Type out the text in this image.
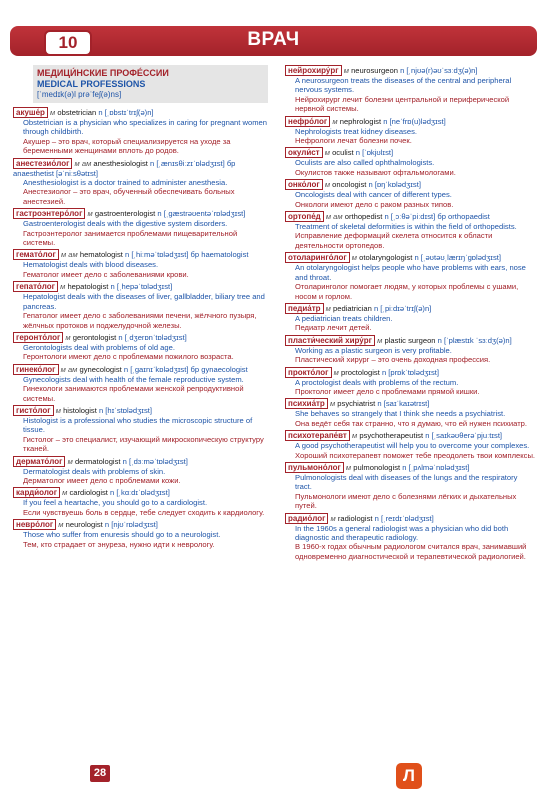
10	ВРАЧ
МЕДИЦИ́НСКИЕ ПРОФЕ́ССИИ
MEDICAL PROFESSIONS
[ˈmedɪk(ə)l prəˈfeʃ(ə)ns]
акуше́р м obstetrician n [ˌɒbstɪˈtrɪʃ(ə)n]
Obstetrician is a physician who specializes in caring for pregnant women through childbirth.
Акушер – это врач, который специализируется на уходе за беременными женщинами вплоть до родов.
анестезио́лог м ам anesthesiologist n [ˌænɪsθiːzɪˈɒlədʒɪst] бр anaesthetist [əˈniːsθətɪst]
Anesthesiologist is a doctor trained to administer anesthesia.
Анестезиолог – это врач, обученный обеспечивать больных анестезией.
гастроэнтеро́лог м gastroenterologist n [ˌgæstrəʊentəˈrɒlədʒɪst]
Gastroenterologist deals with the digestive system disorders.
Гастроэнтеролог занимается проблемами пищеварительной системы.
гемато́лог м ам hematologist n [ˌhiːməˈtɒlədʒɪst] бр haematologist
Hematologist deals with blood diseases.
Гематолог имеет дело с заболеваниями крови.
гепато́лог м hepatologist n [ˌhepəˈtɒlədʒɪst]
Hepatologist deals with the diseases of liver, gallbladder, biliary tree and pancreas.
Гепатолог имеет дело с заболеваниями печени, жёлчного пузыря, жёлчных протоков и поджелудочной железы.
геронто́лог м gerontologist n [ˌdʒerɒnˈtɒlədʒɪst]
Gerontologists deal with problems of old age.
Геронтологи имеют дело с проблемами пожилого возраста.
гинеко́лог м ам gynecologist n [ˌgaɪnɪˈkɒlədʒɪst] бр gynaecologist
Gynecologists deal with health of the female reproductive system.
Гинекологи занимаются проблемами женской репродуктивной системы.
гисто́лог м histologist n [hɪˈstɒlədʒɪst]
Histologist is a professional who studies the microscopic structure of tissue.
Гистолог – это специалист, изучающий микроскопическую структуру тканей.
дермато́лог м dermatologist n [ˌdɜːməˈtɒlədʒɪst]
Dermatologist deals with problems of skin.
Дерматолог имеет дело с проблемами кожи.
карди́олог м cardiologist n [ˌkɑːdɪˈɒlədʒɪst]
If you feel a heartache, you should go to a cardiologist.
Если чувствуешь боль в сердце, тебе следует сходить к кардиологу.
невро́лог м neurologist n [njʊˈrɒlədʒɪst]
Those who suffer from enuresis should go to a neurologist.
Тем, кто страдает от энуреза, нужно идти к неврологу.
нейрохиру́рг м neurosurgeon n [ˌnjʊə(r)əʊˈsɜːdʒ(ə)n]
A neurosurgeon treats the diseases of the central and peripheral nervous systems.
Нейрохирург лечит болезни центральной и периферической нервной системы.
нефро́лог м nephrologist n [neˈfrɒ(u)lədʒɪst]
Nephrologists treat kidney diseases.
Нефрологи лечат болезни почек.
окули́ст м oculist n [ˈɒkjʊlɪst]
Oculists are also called ophthalmologists.
Окулистов также называют офтальмологами.
онко́лог м oncologist n [ɒŋˈkɒlədʒɪst]
Oncologists deal with cancer of different types.
Онкологи имеют дело с раком разных типов.
ортопе́д м ам orthopedist n [ˌɔːθəˈpiːdɪst] бр orthopaedist
Treatment of skeletal deformities is within the field of orthopedists.
Исправление деформаций скелета относится к области деятельности ортопедов.
отоларинго́лог м otolaryngologist n [ˌəʊtəʊˌlærɪŋˈgɒlədʒɪst]
An otolaryngologist helps people who have problems with ears, nose and throat.
Отоларинголог помогает людям, у которых проблемы с ушами, носом и горлом.
педиа́тр м pediatrician n [ˌpiːdɪəˈtrɪʃ(ə)n]
A pediatrician treats children.
Педиатр лечит детей.
пласти́ческий хиру́рг м plastic surgeon n [ˈplæstɪk ˈsɜːdʒ(ə)n]
Working as a plastic surgeon is very profitable.
Пластический хирург – это очень доходная профессия.
прокто́лог м proctologist n [prɒkˈtɒlədʒɪst]
A proctologist deals with problems of the rectum.
Проктолог имеет дело с проблемами прямой кишки.
психиа́тр м psychiatrist n [saɪˈkaɪətrɪst]
She behaves so strangely that I think she needs a psychiatrist.
Она ведёт себя так странно, что я думаю, что ей нужен психиатр.
психотерапе́вт м psychotherapeutist n [ˌsaɪkəʊθerəˈpjuːtɪst]
A good psychotherapeutist will help you to overcome your complexes.
Хороший психотерапевт поможет тебе преодолеть твои комплексы.
пульмоно́лог м pulmonologist n [ˌpʌlməˈnɒlədʒɪst]
Pulmonologists deal with diseases of the lungs and the respiratory tract.
Пульмонологи имеют дело с болезнями лёгких и дыхательных путей.
радио́лог м radiologist n [ˌreɪdɪˈɒlədʒɪst]
In the 1960s a general radiologist was a physician who did both diagnostic and therapeutic radiology.
В 1960-х годах обычным радиологом считался врач, занимавший одновременно диагностической и терапевтической радиологией.
28	Л
